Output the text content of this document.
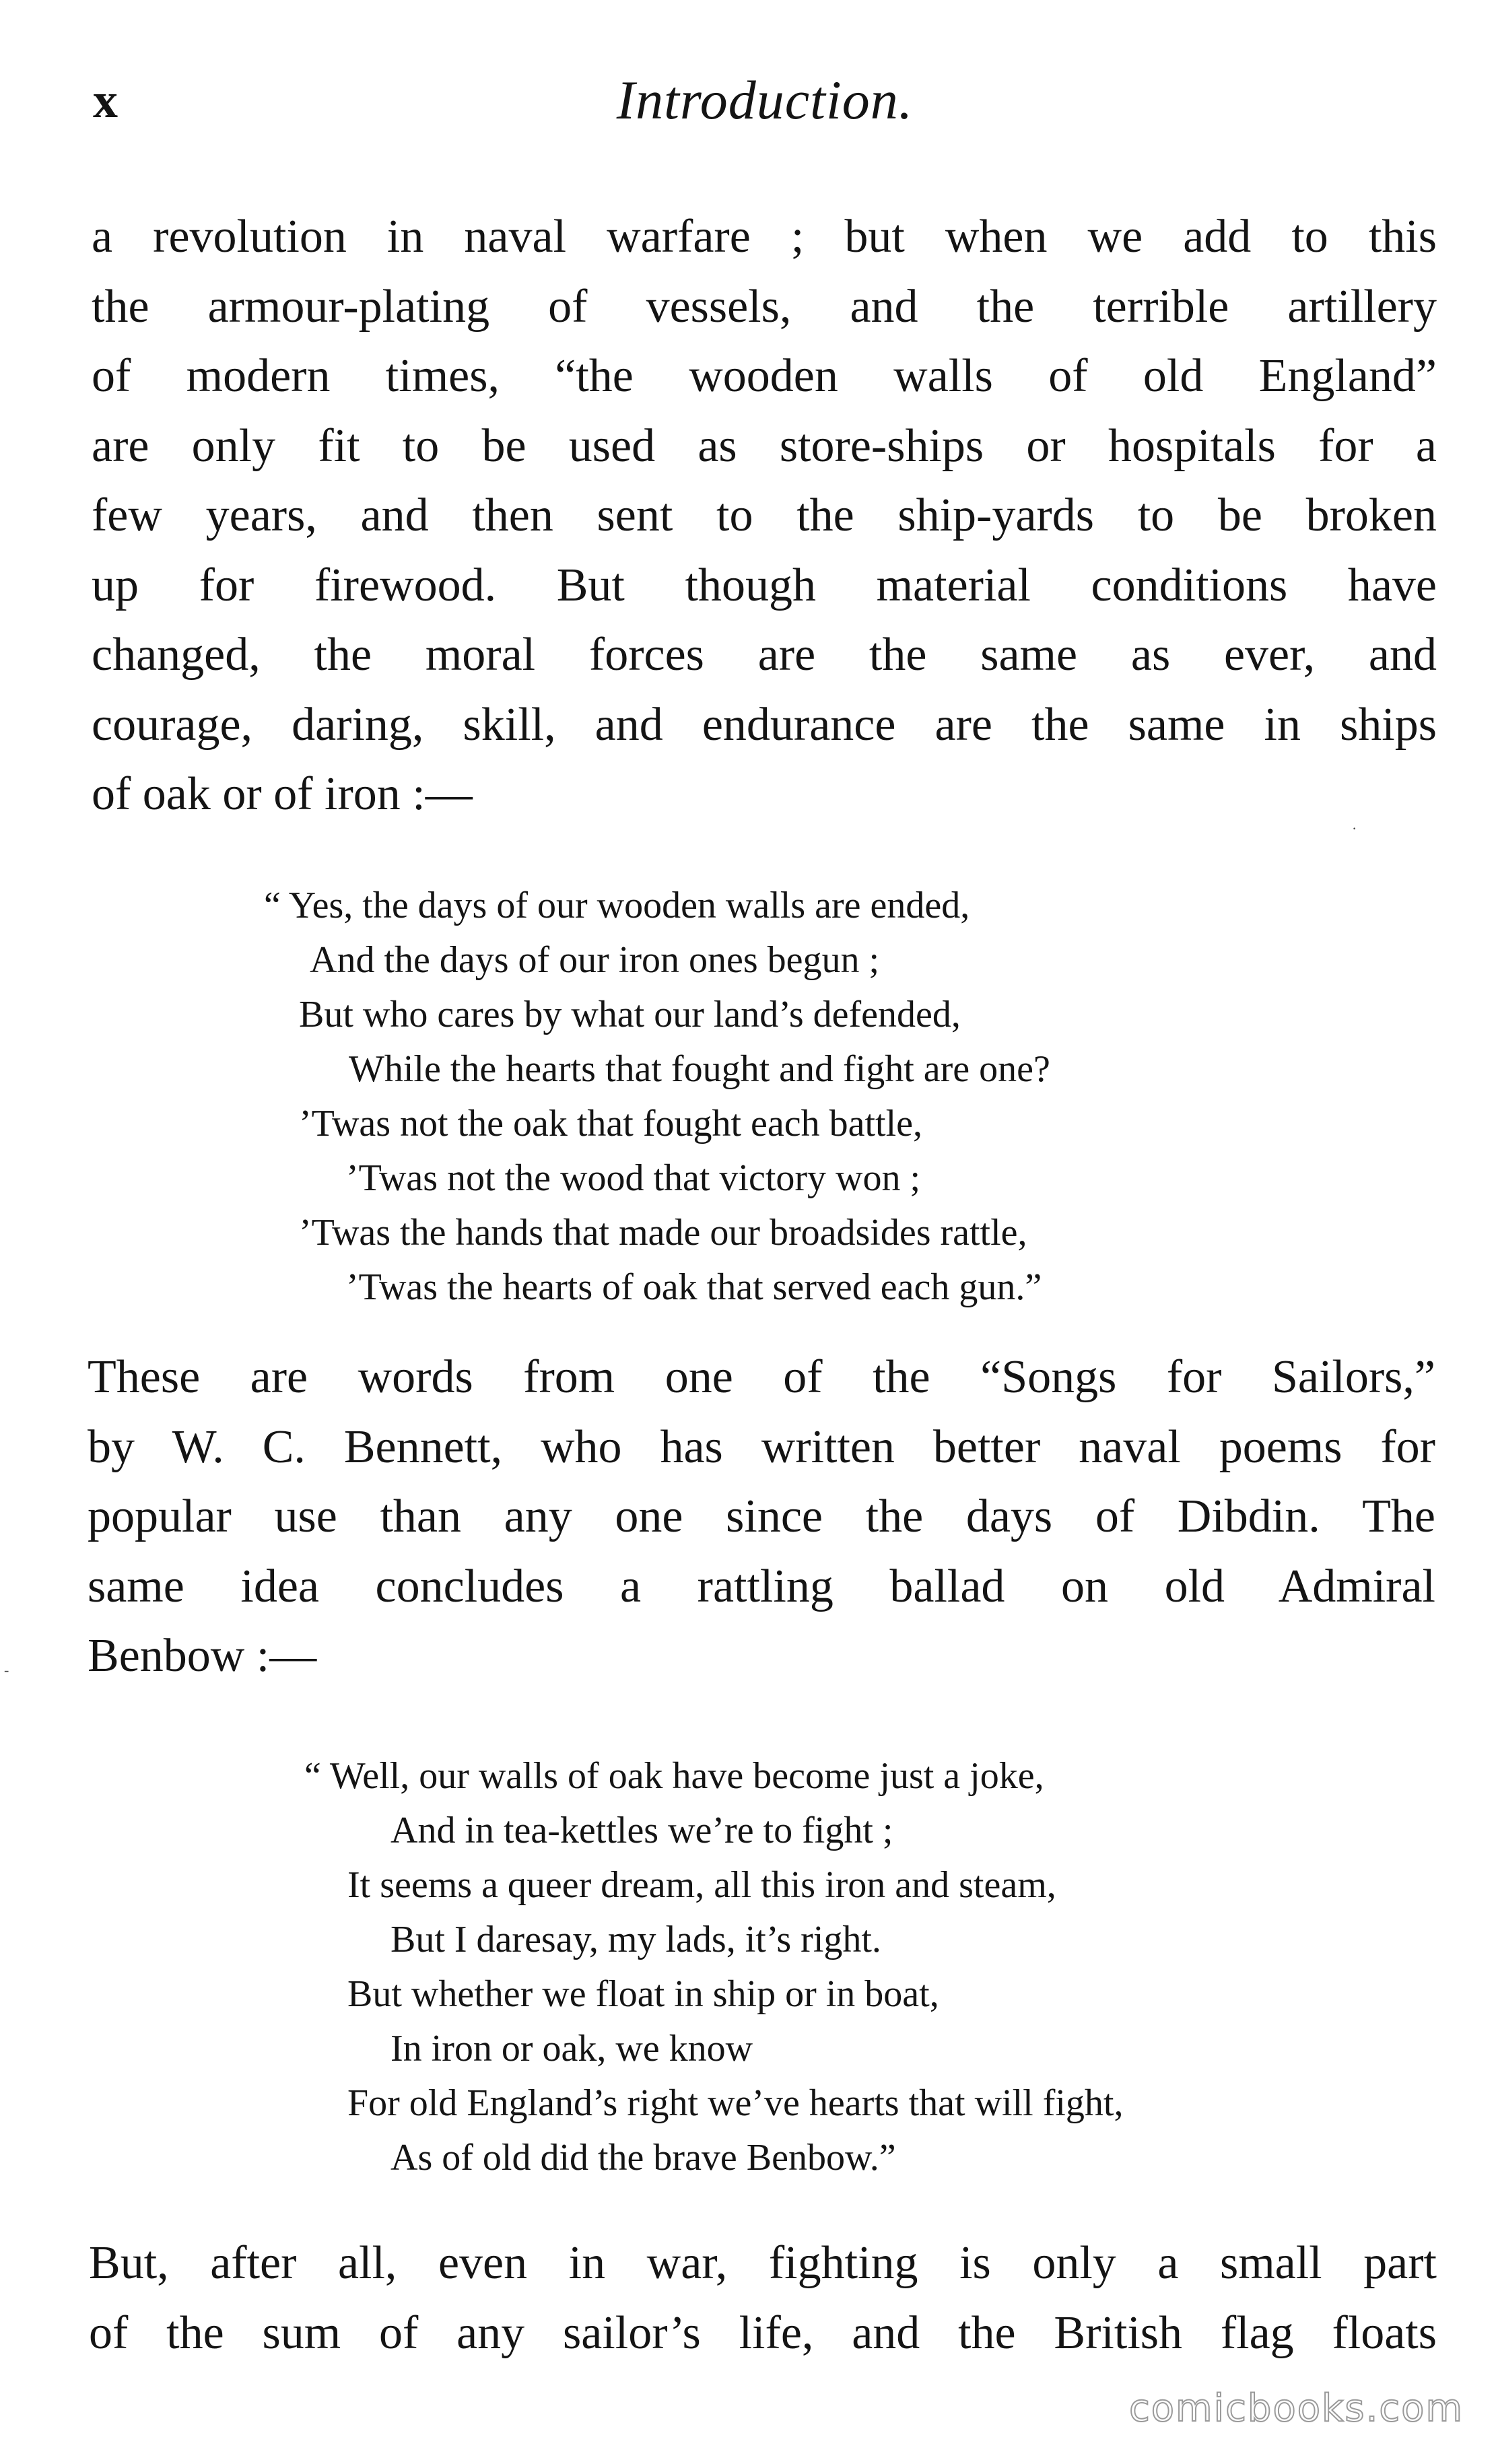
x	Introduction.
a revolution in naval warfare ; but when we add to this
the armour-plating of vessels, and the terrible artillery
of modern times, “the wooden walls of old England”
are only fit to be used as store-ships or hospitals for a
few years, and then sent to the ship-yards to be broken
up for firewood. But though material conditions have
changed, the moral forces are the same as ever, and
courage, daring, skill, and endurance are the same in ships
of oak or of iron :—
“ Yes, the days of our wooden walls are ended,
And the days of our iron ones begun ;
But who cares by what our land’s defended,
While the hearts that fought and fight are one?
’Twas not the oak that fought each battle,
’Twas not the wood that victory won ;
’Twas the hands that made our broadsides rattle,
’Twas the hearts of oak that served each gun.”
These are words from one of the “Songs for Sailors,”
by W. C. Bennett, who has written better naval poems for
popular use than any one since the days of Dibdin. The
same idea concludes a rattling ballad on old Admiral
Benbow :—
“ Well, our walls of oak have become just a joke,
And in tea-kettles we’re to fight ;
It seems a queer dream, all this iron and steam,
But I daresay, my lads, it’s right.
But whether we float in ship or in boat,
In iron or oak, we know
For old England’s right we’ve hearts that will fight,
As of old did the brave Benbow.”
But, after all, even in war, fighting is only a small part
of the sum of any sailor’s life, and the British flag floats
·
-
comicbooks.com
